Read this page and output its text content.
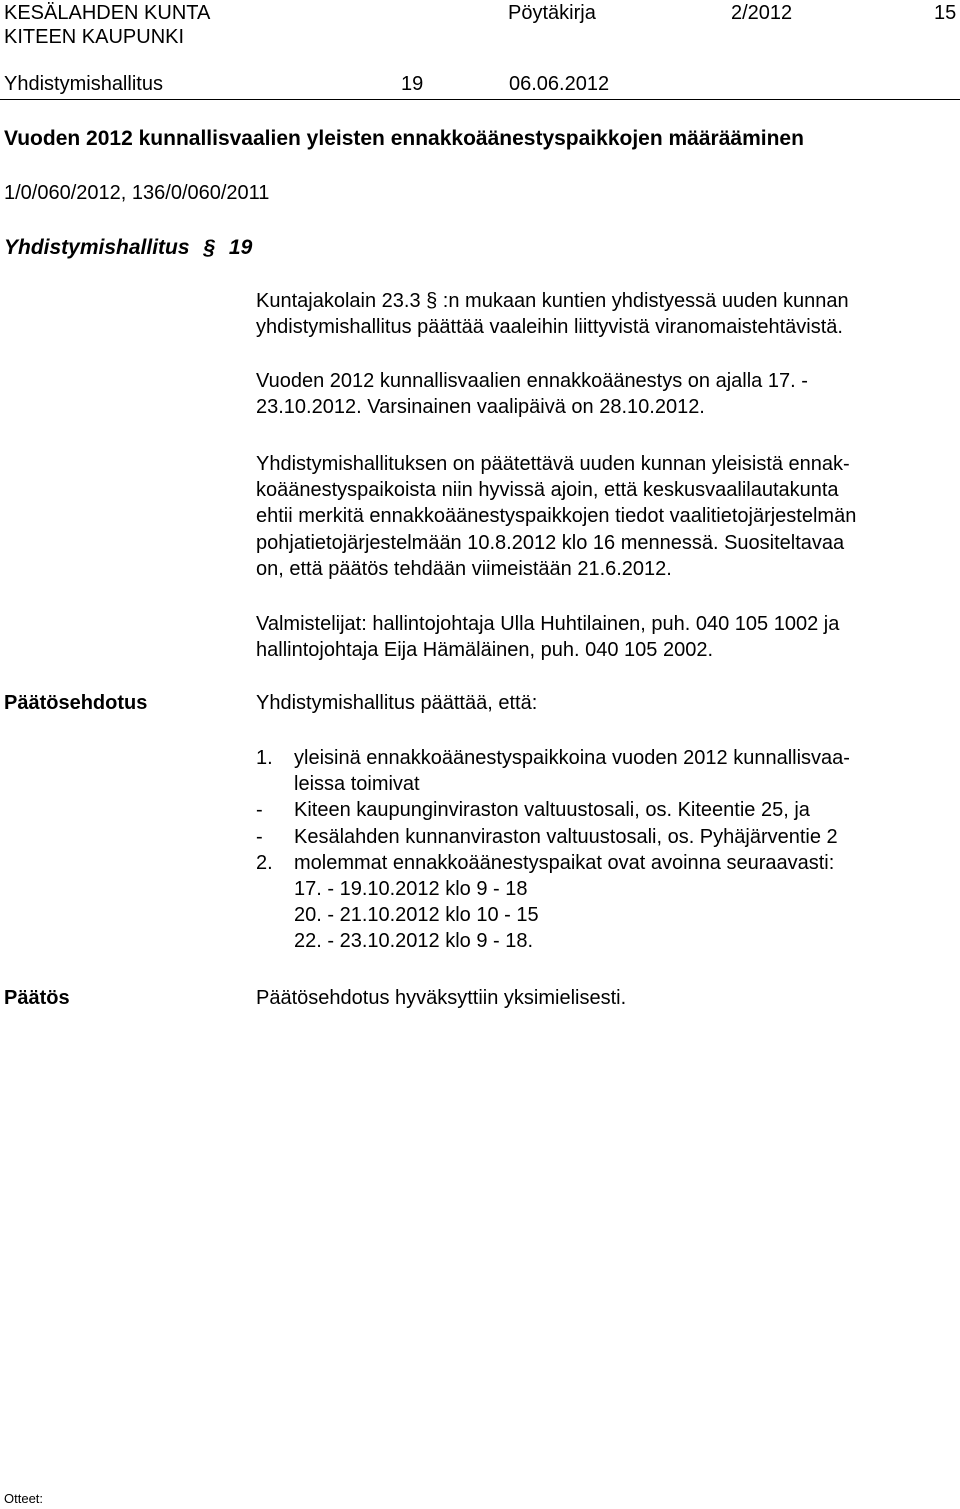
KESÄLAHDEN KUNTA
KITEEN KAUPUNKI
Pöytäkirja	2/2012	15
Yhdistymishallitus	19	06.06.2012
Vuoden 2012 kunnallisvaalien yleisten ennakkoäänestyspaikkojen määrääminen
1/0/060/2012, 136/0/060/2011
Yhdistymishallitus § 19
Kuntajakolain 23.3 § :n mukaan kuntien yhdistyessä uuden kunnan
yhdistymishallitus päättää vaaleihin liittyvistä viranomaistehtävistä.
Vuoden 2012 kunnallisvaalien ennakkoäänestys on ajalla 17. -
23.10.2012. Varsinainen vaalipäivä on 28.10.2012.
Yhdistymishallituksen on päätettävä uuden kunnan yleisistä ennak-
koäänestyspaikoista niin hyvissä ajoin, että keskusvaalilautakunta
ehtii merkitä ennakkoäänestyspaikkojen tiedot vaalitietojärjestelmän
pohjatietojärjestelmään 10.8.2012 klo 16 mennessä. Suositeltavaa
on, että päätös tehdään viimeistään 21.6.2012.
Valmistelijat: hallintojohtaja Ulla Huhtilainen, puh. 040 105 1002 ja
hallintojohtaja Eija Hämäläinen, puh. 040 105 2002.
Päätösehdotus	Yhdistymishallitus päättää, että:
1. yleisinä ennakkoäänestyspaikkoina vuoden 2012 kunnallisvaa-
leissa toimivat
- Kiteen kaupunginviraston valtuustosali, os. Kiteentie 25, ja
- Kesälahden kunnanviraston valtuustosali, os. Pyhäjärventie 2
2. molemmat ennakkoäänestyspaikat ovat avoinna seuraavasti:
17. - 19.10.2012 klo 9 - 18
20. - 21.10.2012 klo 10 - 15
22. - 23.10.2012 klo 9 - 18.
Päätös	Päätösehdotus hyväksyttiin yksimielisesti.
Otteet:
